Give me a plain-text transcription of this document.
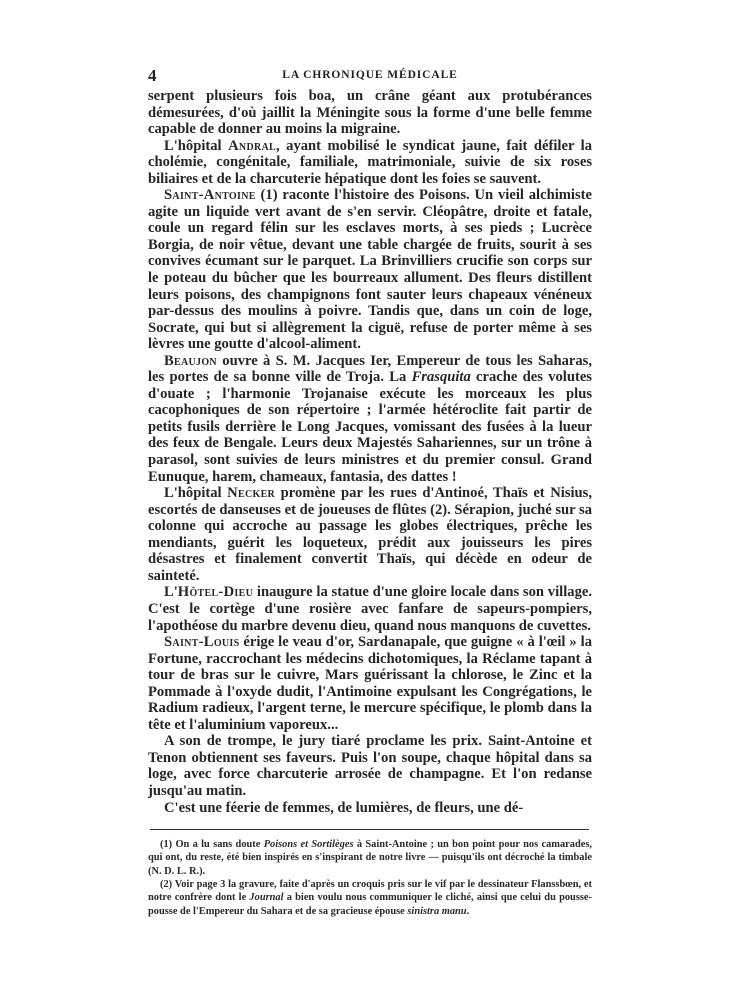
4	LA CHRONIQUE MÉDICALE

serpent plusieurs fois boa, un crâne géant aux protubérances démesurées, d'où jaillit la Méningite sous la forme d'une belle femme capable de donner au moins la migraine.

L'hôpital Andral, ayant mobilisé le syndicat jaune, fait défiler la cholémie, congénitale, familiale, matrimoniale, suivie de six roses biliaires et de la charcuterie hépatique dont les foies se sauvent.

Saint-Antoine (1) raconte l'histoire des Poisons. Un vieil alchimiste agite un liquide vert avant de s'en servir. Cléopâtre, droite et fatale, coule un regard félin sur les esclaves morts, à ses pieds ; Lucrèce Borgia, de noir vêtue, devant une table chargée de fruits, sourit à ses convives écumant sur le parquet. La Brinvilliers crucifie son corps sur le poteau du bûcher que les bourreaux allument. Des fleurs distillent leurs poisons, des champignons font sauter leurs chapeaux vénéneux par-dessus des moulins à poivre. Tandis que, dans un coin de loge, Socrate, qui but si allègrement la ciguë, refuse de porter même à ses lèvres une goutte d'alcool-aliment.

Beaujon ouvre à S. M. Jacques Ier, Empereur de tous les Saharas, les portes de sa bonne ville de Troja. La Frasquita crache des volutes d'ouate ; l'harmonie Trojanaise exécute les morceaux les plus cacophoniques de son répertoire ; l'armée hétéroclite fait partir de petits fusils derrière le Long Jacques, vomissant des fusées à la lueur des feux de Bengale. Leurs deux Majestés Sahariennes, sur un trône à parasol, sont suivies de leurs ministres et du premier consul. Grand Eunuque, harem, chameaux, fantasia, des dattes !

L'hôpital Necker promène par les rues d'Antinoé, Thaïs et Nisius, escortés de danseuses et de joueuses de flûtes (2). Sérapion, juché sur sa colonne qui accroche au passage les globes électriques, prêche les mendiants, guérit les loqueteux, prédit aux jouisseurs les pires désastres et finalement convertit Thaïs, qui décède en odeur de sainteté.

L'Hôtel-Dieu inaugure la statue d'une gloire locale dans son village. C'est le cortège d'une rosière avec fanfare de sapeurs-pompiers, l'apothéose du marbre devenu dieu, quand nous manquons de cuvettes.

Saint-Louis érige le veau d'or, Sardanapale, que guigne « à l'œil » la Fortune, raccrochant les médecins dichotomiques, la Réclame tapant à tour de bras sur le cuivre, Mars guérissant la chlorose, le Zinc et la Pommade à l'oxyde dudit, l'Antimoine expulsant les Congrégations, le Radium radieux, l'argent terne, le mercure spécifique, le plomb dans la tête et l'aluminium vaporeux...

A son de trompe, le jury tiaré proclame les prix. Saint-Antoine et Tenon obtiennent ses faveurs. Puis l'on soupe, chaque hôpital dans sa loge, avec force charcuterie arrosée de champagne. Et l'on redanse jusqu'au matin.

C'est une féerie de femmes, de lumières, de fleurs, une dé-

(1) On a lu sans doute Poisons et Sortilèges à Saint-Antoine ; un bon point pour nos camarades, qui ont, du reste, été bien inspirés en s'inspirant de notre livre — puisqu'ils ont décroché la timbale (N. D. L. R.).

(2) Voir page 3 la gravure, faite d'après un croquis pris sur le vif par le dessinateur Flanssbœn, et notre confrère dont le Journal a bien voulu nous communiquer le cliché, ainsi que celui du pousse-pousse de l'Empereur du Sahara et de sa gracieuse épouse sinistra manu.
